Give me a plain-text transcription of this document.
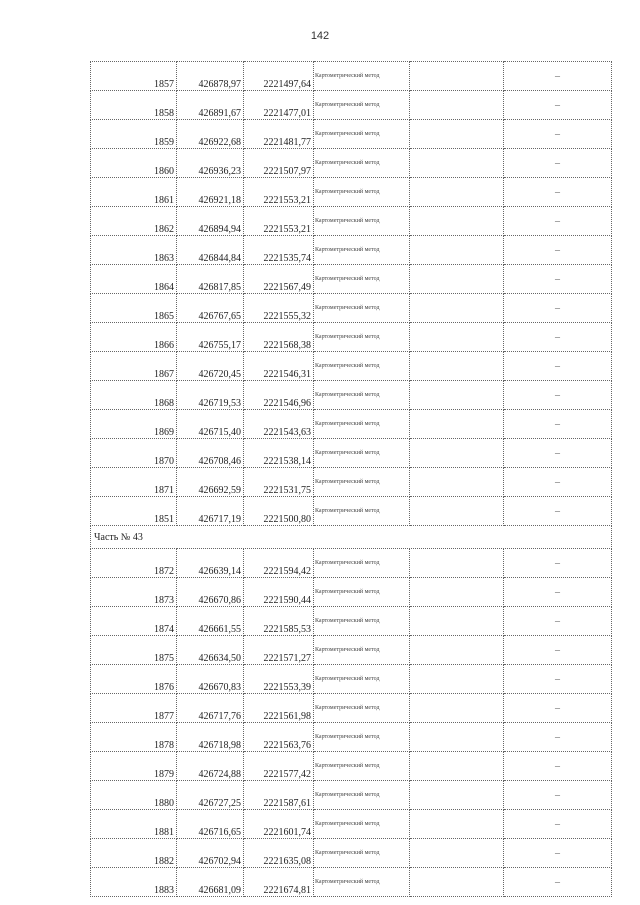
142
1857	426878,97	2221497,64	Картометрический метод		–
1858	426891,67	2221477,01	Картометрический метод		–
1859	426922,68	2221481,77	Картометрический метод		–
1860	426936,23	2221507,97	Картометрический метод		–
1861	426921,18	2221553,21	Картометрический метод		–
1862	426894,94	2221553,21	Картометрический метод		–
1863	426844,84	2221535,74	Картометрический метод		–
1864	426817,85	2221567,49	Картометрический метод		–
1865	426767,65	2221555,32	Картометрический метод		–
1866	426755,17	2221568,38	Картометрический метод		–
1867	426720,45	2221546,31	Картометрический метод		–
1868	426719,53	2221546,96	Картометрический метод		–
1869	426715,40	2221543,63	Картометрический метод		–
1870	426708,46	2221538,14	Картометрический метод		–
1871	426692,59	2221531,75	Картометрический метод		–
1851	426717,19	2221500,80	Картометрический метод		–
Часть № 43					
1872	426639,14	2221594,42	Картометрический метод		–
1873	426670,86	2221590,44	Картометрический метод		–
1874	426661,55	2221585,53	Картометрический метод		–
1875	426634,50	2221571,27	Картометрический метод		–
1876	426670,83	2221553,39	Картометрический метод		–
1877	426717,76	2221561,98	Картометрический метод		–
1878	426718,98	2221563,76	Картометрический метод		–
1879	426724,88	2221577,42	Картометрический метод		–
1880	426727,25	2221587,61	Картометрический метод		–
1881	426716,65	2221601,74	Картометрический метод		–
1882	426702,94	2221635,08	Картометрический метод		–
1883	426681,09	2221674,81	Картометрический метод		–
